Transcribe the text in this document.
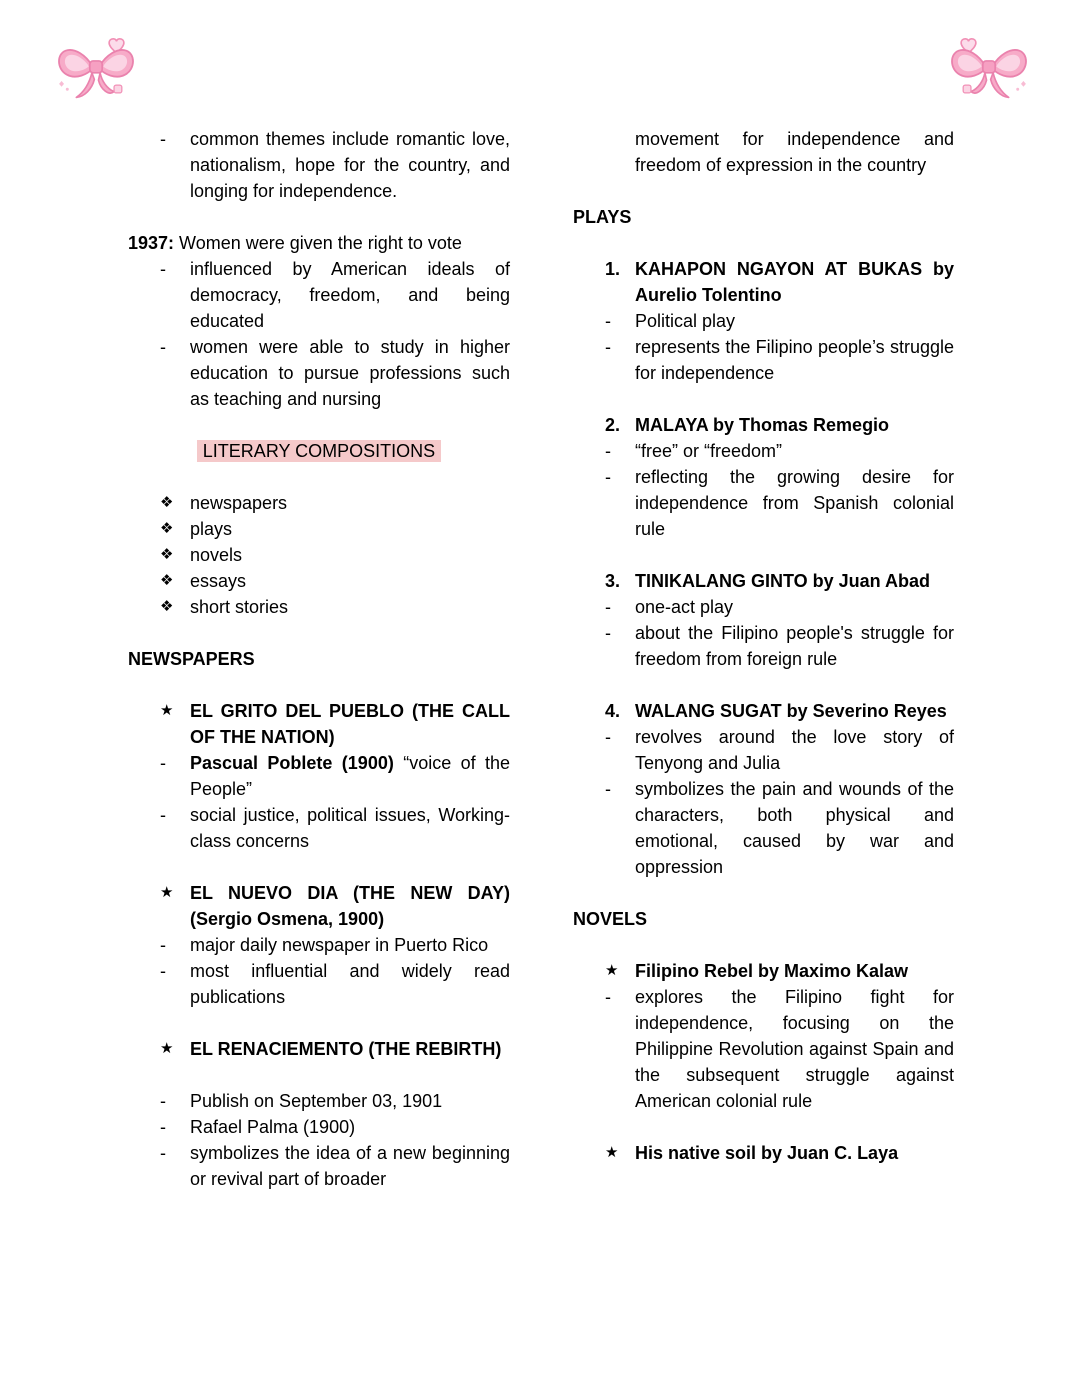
-	common themes include romantic love, nationalism, hope for the country, and longing for independence.
1937: Women were given the right to vote
-	influenced by American ideals of democracy, freedom, and being educated
-	women were able to study in higher education to pursue professions such as teaching and nursing
LITERARY COMPOSITIONS
❖ newspapers
❖ plays
❖ novels
❖ essays
❖ short stories
NEWSPAPERS
★ EL GRITO DEL PUEBLO (THE CALL OF THE NATION)
-	Pascual Poblete (1900) “voice of the People”
-	social justice, political issues, Working-class concerns
★ EL NUEVO DIA (THE NEW DAY) (Sergio Osmena, 1900)
-	major daily newspaper in Puerto Rico
-	most influential and widely read publications
★ EL RENACIEMENTO (THE REBIRTH)
-	Publish on September 03, 1901
-	Rafael Palma (1900)
-	symbolizes the idea of a new beginning or revival part of broader
movement for independence and freedom of expression in the country
PLAYS
1. KAHAPON NGAYON AT BUKAS by Aurelio Tolentino
-	Political play
-	represents the Filipino people’s struggle for independence
2. MALAYA by Thomas Remegio
-	“free” or “freedom”
-	reflecting the growing desire for independence from Spanish colonial rule
3. TINIKALANG GINTO by Juan Abad
-	one-act play
-	about the Filipino people's struggle for freedom from foreign rule
4. WALANG SUGAT by Severino Reyes
-	revolves around the love story of Tenyong and Julia
-	symbolizes the pain and wounds of the characters, both physical and emotional, caused by war and oppression
NOVELS
★ Filipino Rebel by Maximo Kalaw
-	explores the Filipino fight for independence, focusing on the Philippine Revolution against Spain and the subsequent struggle against American colonial rule
★ His native soil by Juan C. Laya
